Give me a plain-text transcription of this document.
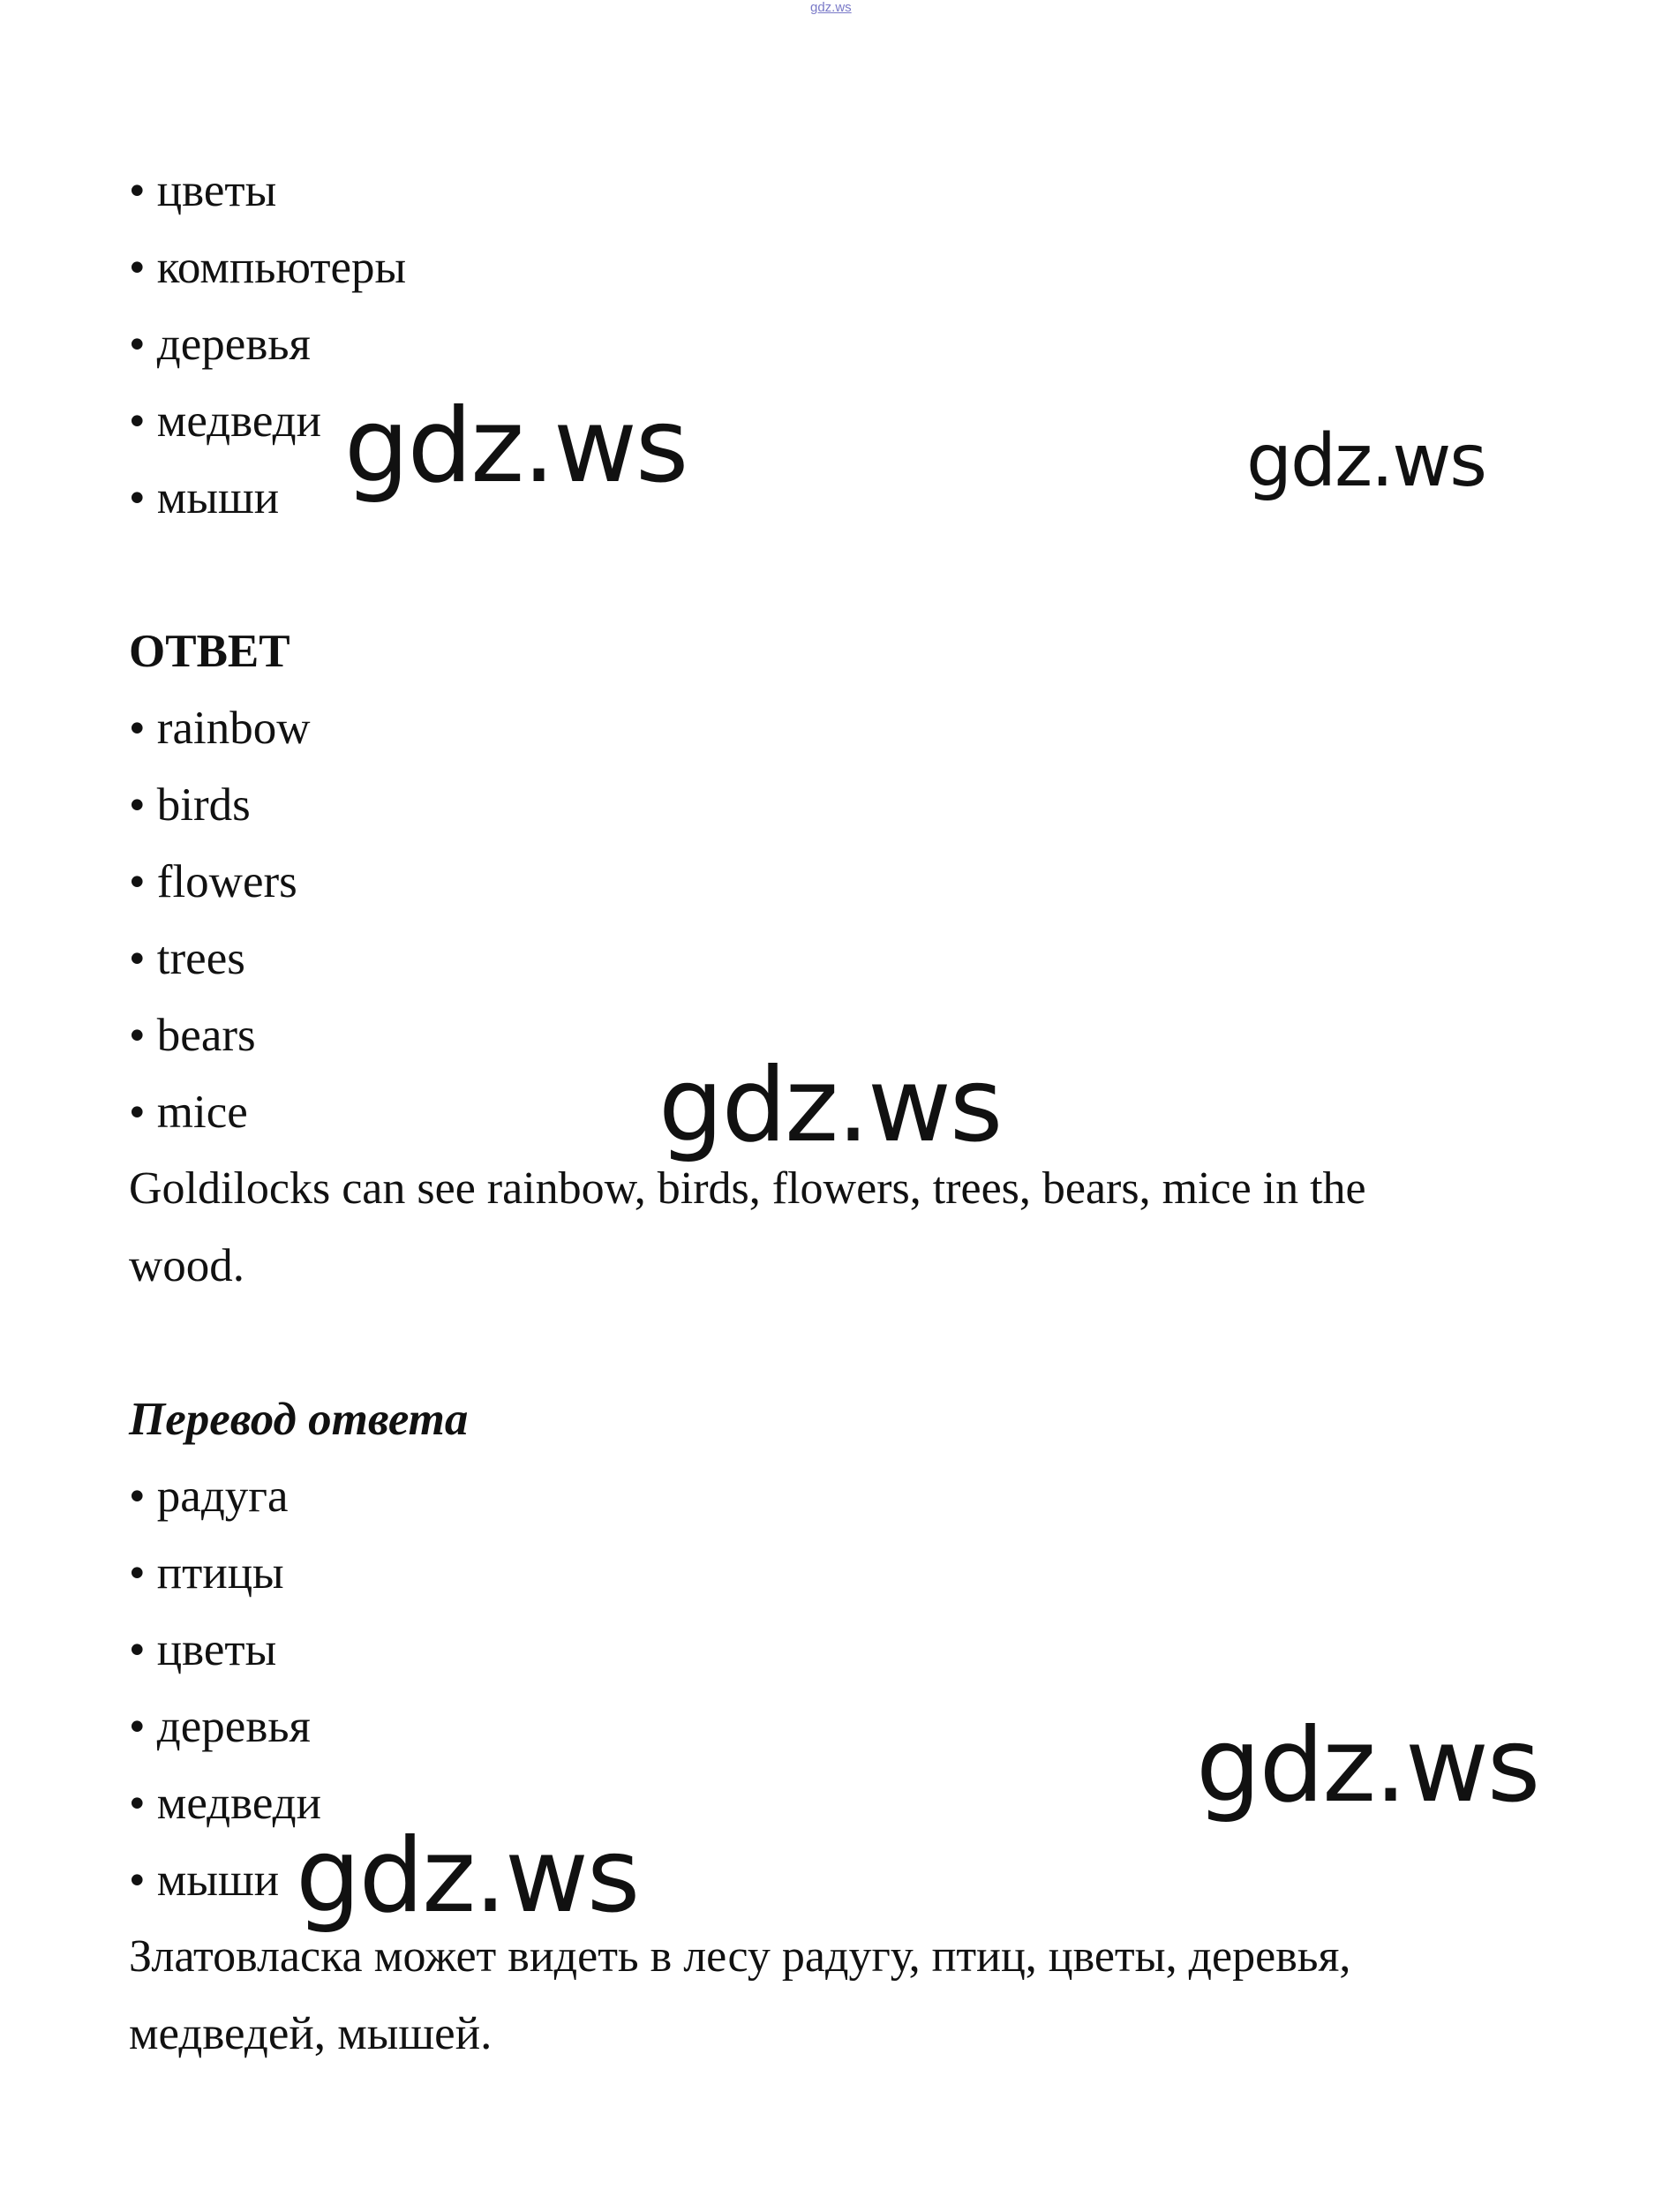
gdz.ws
• цветы
• компьютеры
• деревья
• медведи
• мыши
ОТВЕТ
• rainbow
• birds
• flowers
• trees
• bears
• mice
Goldilocks can see rainbow, birds, flowers, trees, bears, mice in the
wood.
Перевод ответа
• радуга
• птицы
• цветы
• деревья
• медведи
• мыши
Златовласка может видеть в лесу радугу, птиц, цветы, деревья,
медведей, мышей.
gdz.ws	gdz.ws
gdz.ws
gdz.ws
gdz.ws
